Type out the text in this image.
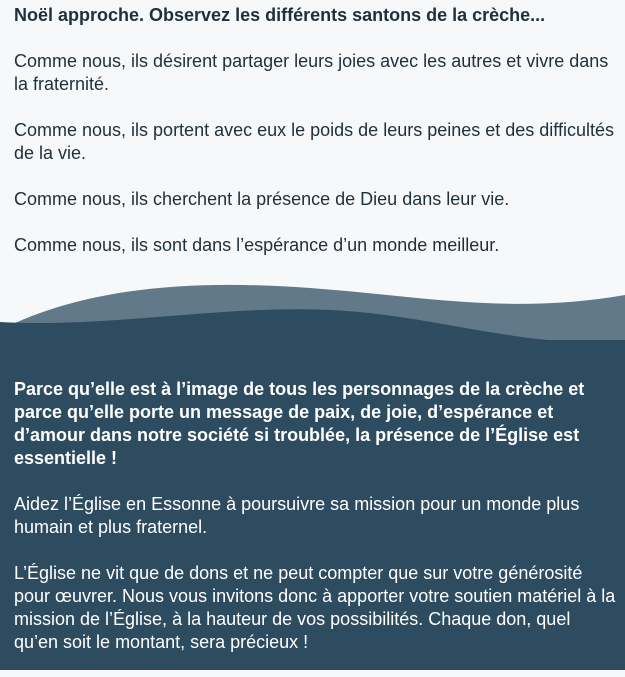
Noël approche. Observez les différents santons de la crèche...

Comme nous, ils désirent partager leurs joies avec les autres et vivre dans la fraternité.

Comme nous, ils portent avec eux le poids de leurs peines et des difficultés de la vie.

Comme nous, ils cherchent la présence de Dieu dans leur vie.

Comme nous, ils sont dans l’espérance d’un monde meilleur.

Parce qu’elle est à l’image de tous les personnages de la crèche et parce qu’elle porte un message de paix, de joie, d’espérance et d’amour dans notre société si troublée, la présence de l’Église est essentielle !

Aidez l’Église en Essonne à poursuivre sa mission pour un monde plus humain et plus fraternel.

L’Église ne vit que de dons et ne peut compter que sur votre générosité pour œuvrer. Nous vous invitons donc à apporter votre soutien matériel à la mission de l’Église, à la hauteur de vos possibilités. Chaque don, quel qu’en soit le montant, sera précieux !
